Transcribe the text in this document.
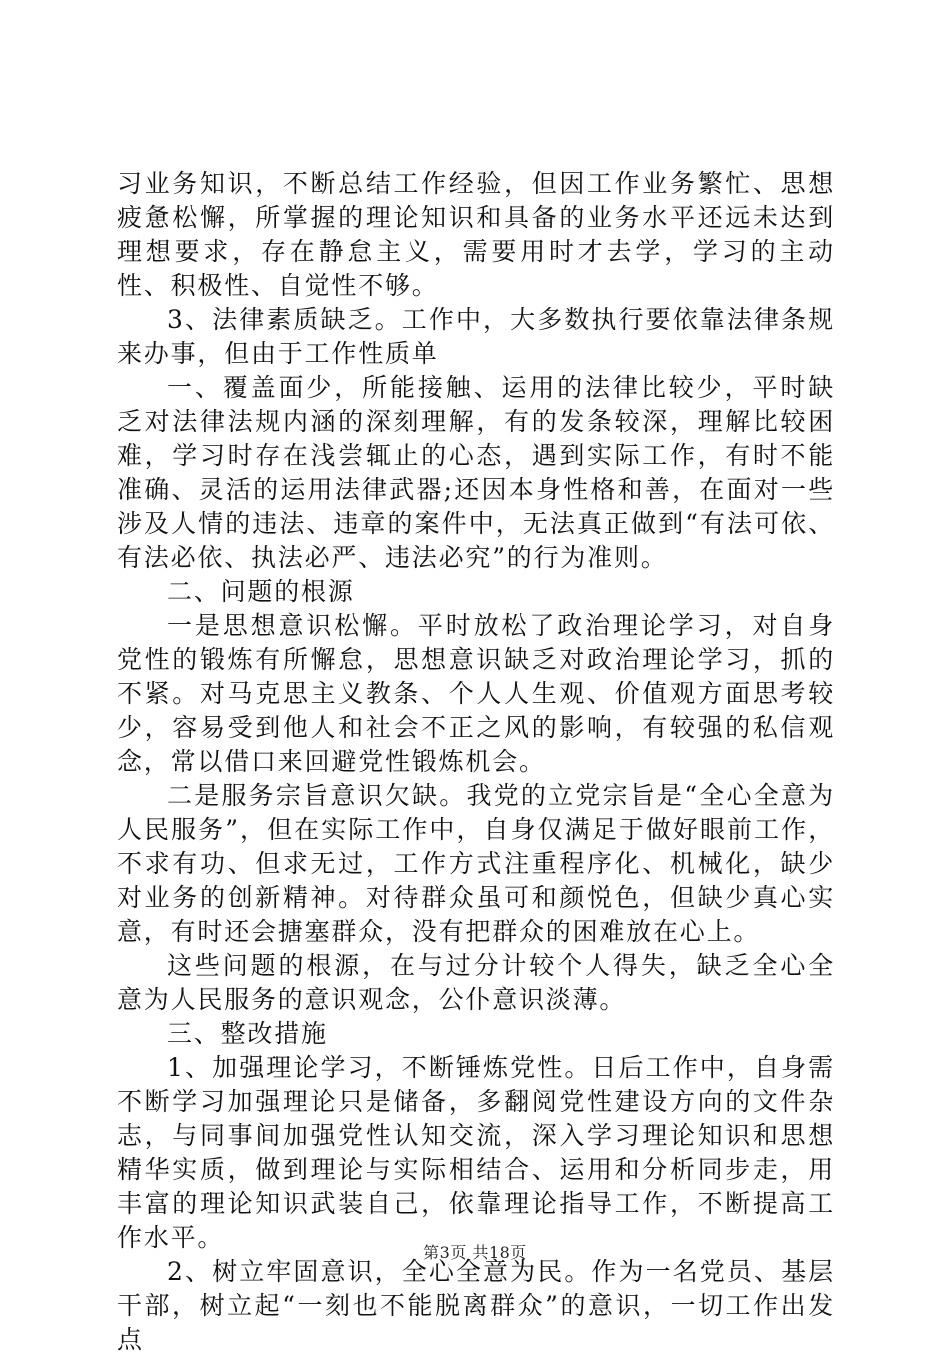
习业务知识，不断总结工作经验，但因工作业务繁忙、思想疲惫松懈，所掌握的理论知识和具备的业务水平还远未达到理想要求，存在静怠主义，需要用时才去学，学习的主动性、积极性、自觉性不够。

3、法律素质缺乏。工作中，大多数执行要依靠法律条规来办事，但由于工作性质单

一、覆盖面少，所能接触、运用的法律比较少，平时缺乏对法律法规内涵的深刻理解，有的发条较深，理解比较困难，学习时存在浅尝辄止的心态，遇到实际工作，有时不能准确、灵活的运用法律武器;还因本身性格和善，在面对一些涉及人情的违法、违章的案件中，无法真正做到“有法可依、有法必依、执法必严、违法必究”的行为准则。

二、问题的根源

一是思想意识松懈。平时放松了政治理论学习，对自身党性的锻炼有所懈怠，思想意识缺乏对政治理论学习，抓的不紧。对马克思主义教条、个人人生观、价值观方面思考较少，容易受到他人和社会不正之风的影响，有较强的私信观念，常以借口来回避党性锻炼机会。

二是服务宗旨意识欠缺。我党的立党宗旨是“全心全意为人民服务”，但在实际工作中，自身仅满足于做好眼前工作，不求有功、但求无过，工作方式注重程序化、机械化，缺少对业务的创新精神。对待群众虽可和颜悦色，但缺少真心实意，有时还会搪塞群众，没有把群众的困难放在心上。

这些问题的根源，在与过分计较个人得失，缺乏全心全意为人民服务的意识观念，公仆意识淡薄。

三、整改措施

1、加强理论学习，不断锤炼党性。日后工作中，自身需不断学习加强理论只是储备，多翻阅党性建设方向的文件杂志，与同事间加强党性认知交流，深入学习理论知识和思想精华实质，做到理论与实际相结合、运用和分析同步走，用丰富的理论知识武装自己，依靠理论指导工作，不断提高工作水平。

2、树立牢固意识，全心全意为民。作为一名党员、基层干部，树立起“一刻也不能脱离群众”的意识，一切工作出发点

第3页 共18页
